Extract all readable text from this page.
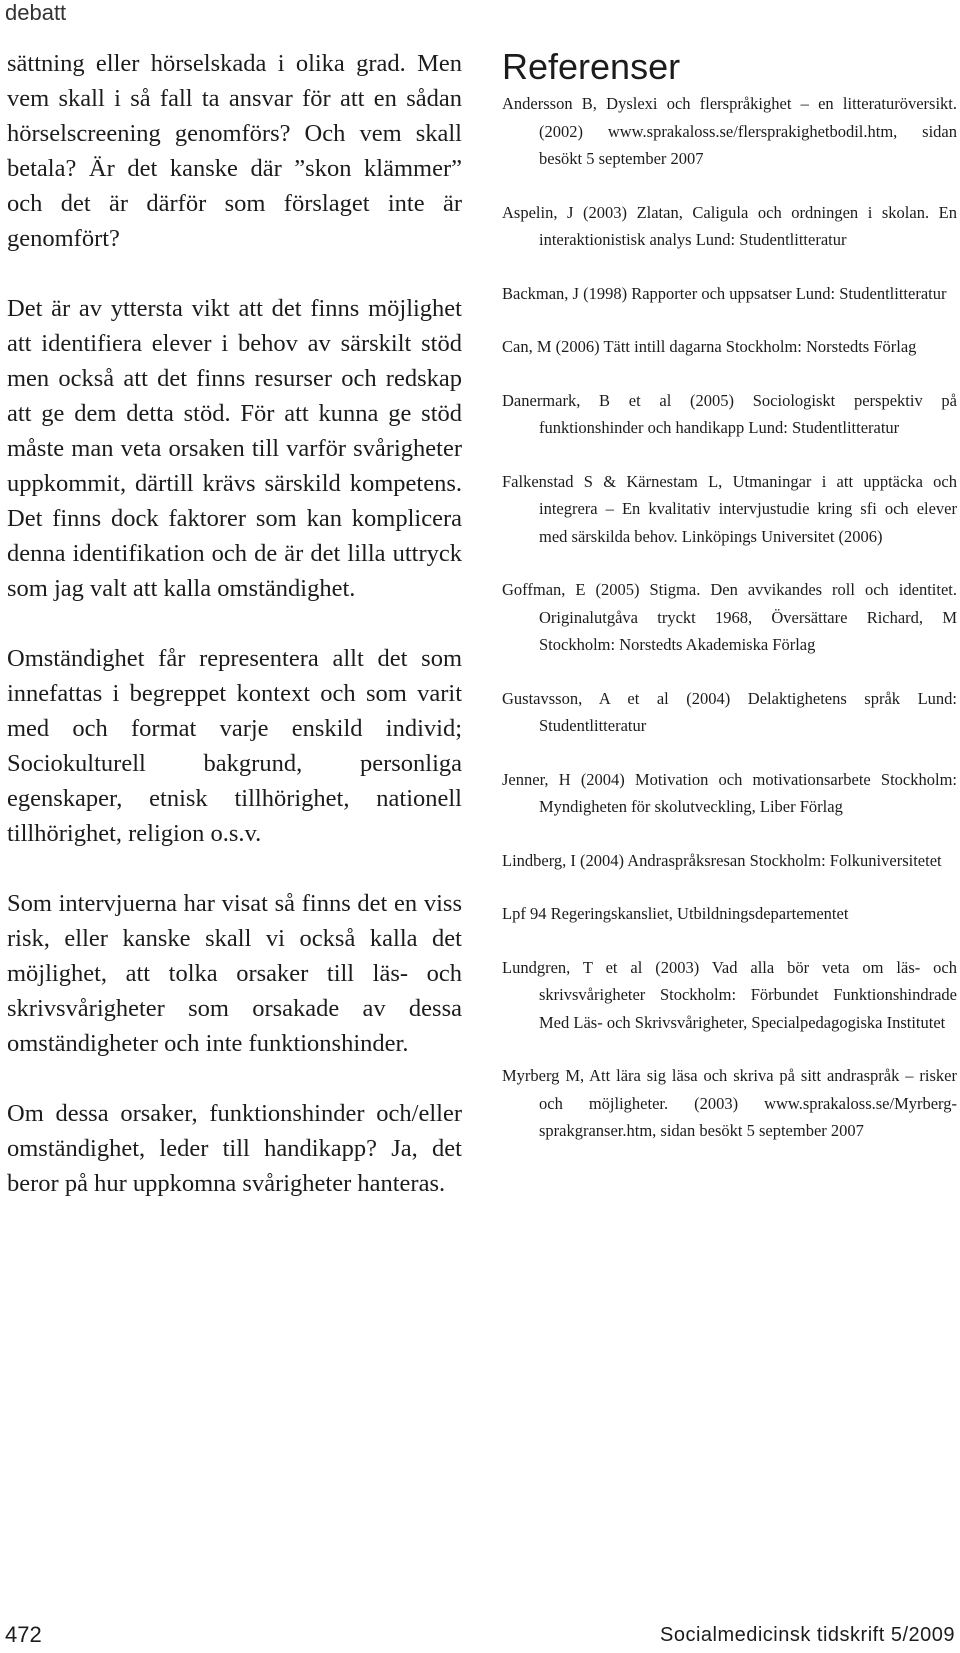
debatt

sättning eller hörselskada i olika grad. Men vem skall i så fall ta ansvar för att en sådan hörselscreening genomförs? Och vem skall betala? Är det kanske där ”skon klämmer” och det är därför som förslaget inte är genomfört?

Det är av yttersta vikt att det finns möjlighet att identifiera elever i behov av särskilt stöd men också att det finns resurser och redskap att ge dem detta stöd. För att kunna ge stöd måste man veta orsaken till varför svårigheter uppkommit, därtill krävs särskild kompetens. Det finns dock faktorer som kan komplicera denna identifikation och de är det lilla uttryck som jag valt att kalla omständighet.

Omständighet får representera allt det som innefattas i begreppet kontext och som varit med och format varje enskild individ; Sociokulturell bakgrund, personliga egenskaper, etnisk tillhörighet, nationell tillhörighet, religion o.s.v.

Som intervjuerna har visat så finns det en viss risk, eller kanske skall vi också kalla det möjlighet, att tolka orsaker till läs- och skrivsvårigheter som orsakade av dessa omständigheter och inte funktionshinder.

Om dessa orsaker, funktionshinder och/eller omständighet, leder till handikapp? Ja, det beror på hur uppkomna svårigheter hanteras.

Referenser
Andersson B, Dyslexi och flerspråkighet – en litteraturöversikt. (2002) www.sprakaloss.se/flersprakighetbodil.htm, sidan besökt 5 september 2007
Aspelin, J (2003) Zlatan, Caligula och ordningen i skolan. En interaktionistisk analys Lund: Studentlitteratur
Backman, J (1998) Rapporter och uppsatser Lund: Studentlitteratur
Can, M (2006) Tätt intill dagarna Stockholm: Norstedts Förlag
Danermark, B et al (2005) Sociologiskt perspektiv på funktionshinder och handikapp Lund: Studentlitteratur
Falkenstad S & Kärnestam L, Utmaningar i att upptäcka och integrera – En kvalitativ intervjustudie kring sfi och elever med särskilda behov. Linköpings Universitet (2006)
Goffman, E (2005) Stigma. Den avvikandes roll och identitet. Originalutgåva tryckt 1968, Översättare Richard, M Stockholm: Norstedts Akademiska Förlag
Gustavsson, A et al (2004) Delaktighetens språk Lund: Studentlitteratur
Jenner, H (2004) Motivation och motivationsarbete Stockholm: Myndigheten för skolutveckling, Liber Förlag
Lindberg, I (2004) Andraspråksresan Stockholm: Folkuniversitetet
Lpf 94 Regeringskansliet, Utbildningsdepartementet
Lundgren, T et al (2003) Vad alla bör veta om läs- och skrivsvårigheter Stockholm: Förbundet Funktionshindrade Med Läs- och Skrivsvårigheter, Specialpedagogiska Institutet
Myrberg M, Att lära sig läsa och skriva på sitt andraspråk – risker och möjligheter. (2003) www.sprakaloss.se/Myrberg-sprakgranser.htm, sidan besökt 5 september 2007
472	Socialmedicinsk tidskrift 5/2009
